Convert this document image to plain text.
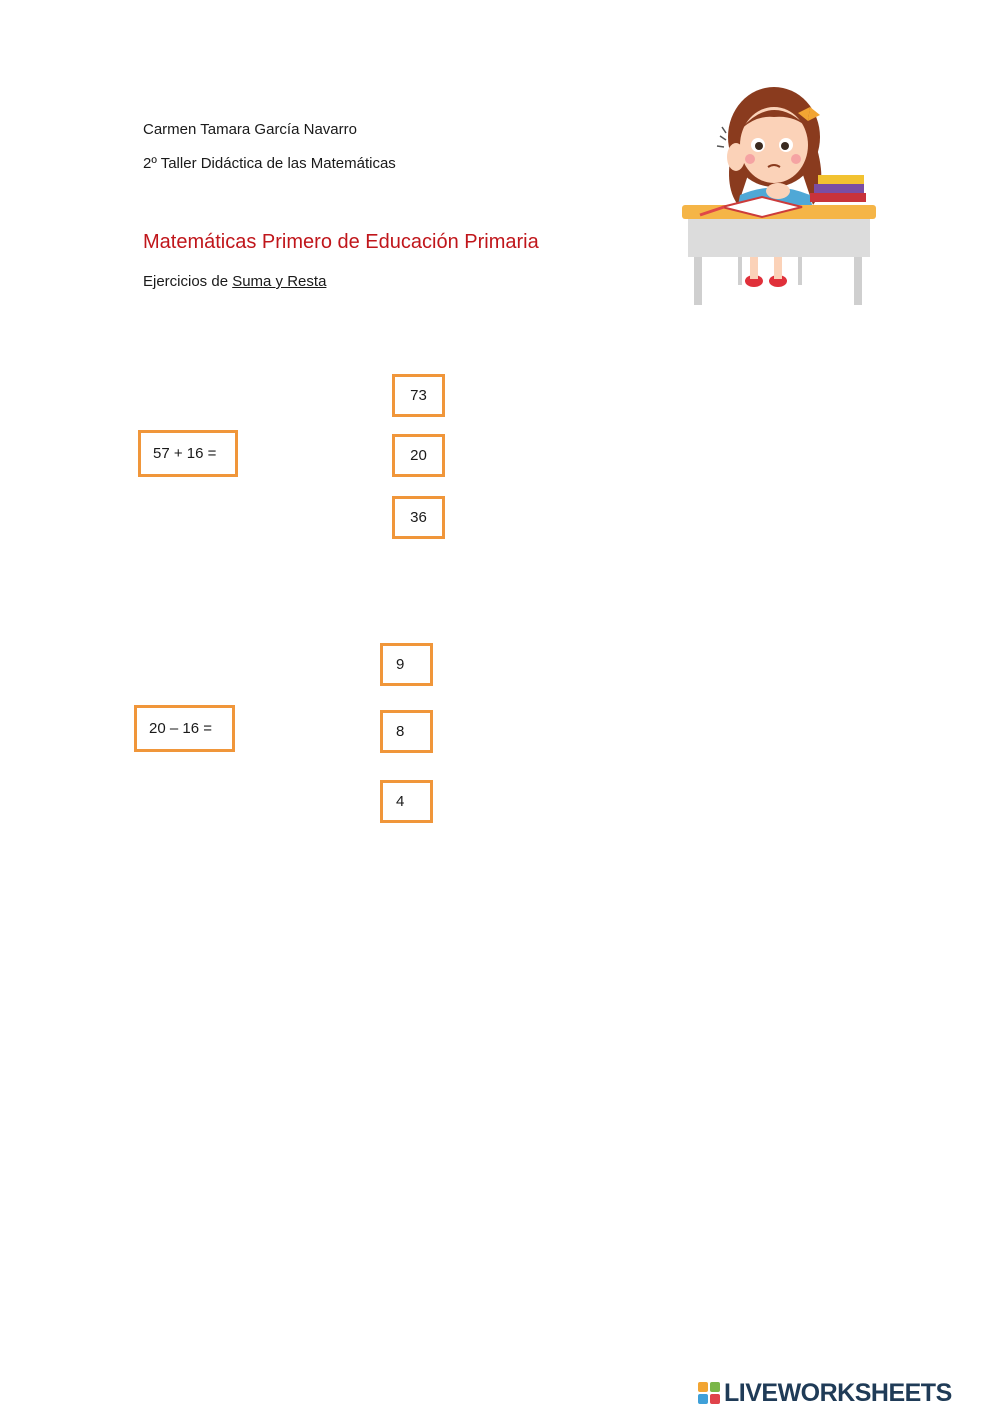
Carmen Tamara García Navarro
2º Taller Didáctica de las Matemáticas
Matemáticas Primero de Educación Primaria
Ejercicios de Suma y Resta
57 + 16 =
73
20
36
20 – 16 =
9
8
4
LIVEWORKSHEETS
